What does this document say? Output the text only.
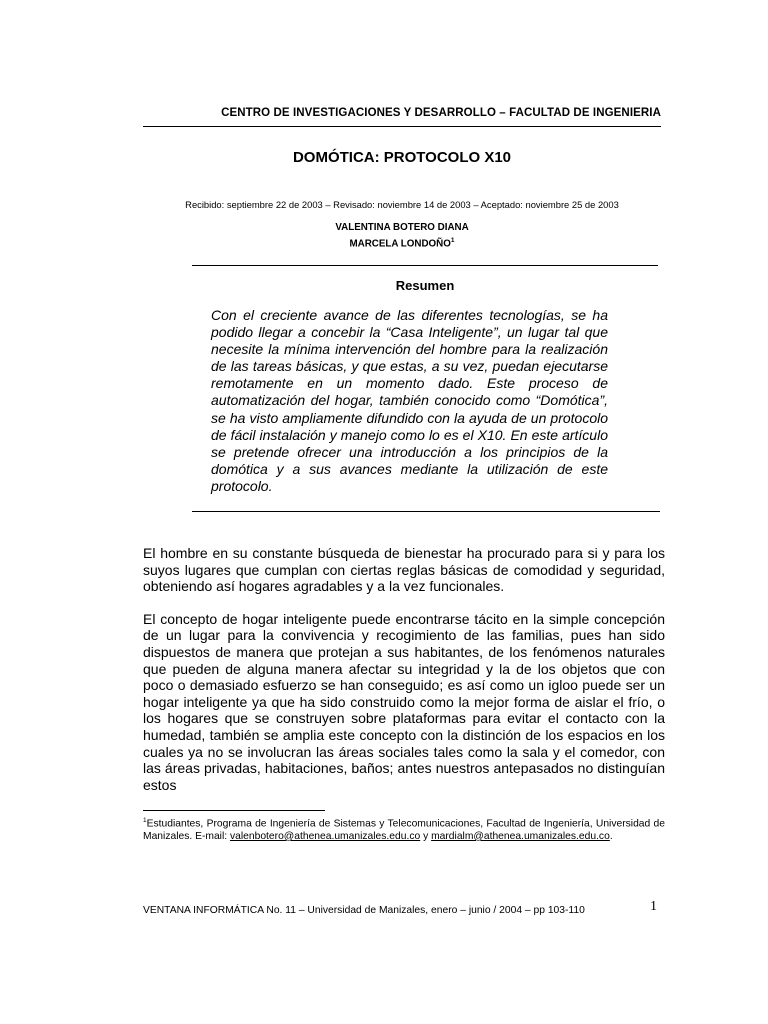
CENTRO DE INVESTIGACIONES Y DESARROLLO – FACULTAD DE INGENIERÍA
DOMÓTICA: PROTOCOLO X10
Recibido: septiembre 22 de 2003 – Revisado: noviembre 14 de 2003 – Aceptado: noviembre 25 de 2003
VALENTINA BOTERO DIANA
MARCELA LONDOÑO$^1$
Resumen

Con el creciente avance de las diferentes tecnologías, se ha podido llegar a concebir la “Casa Inteligente”, un lugar tal que necesite la mínima intervención del hombre para la realización de las tareas básicas, y que estas, a su vez, puedan ejecutarse remotamente en un momento dado. Este proceso de automatización del hogar, también conocido como “Domótica”, se ha visto ampliamente difundido con la ayuda de un protocolo de fácil instalación y manejo como lo es el X10. En este artículo se pretende ofrecer una introducción a los principios de la domótica y a sus avances mediante la utilización de este protocolo.

El hombre en su constante búsqueda de bienestar ha procurado para si y para los suyos lugares que cumplan con ciertas reglas básicas de comodidad y seguridad, obteniendo así hogares agradables y a la vez funcionales.

El concepto de hogar inteligente puede encontrarse tácito en la simple concepción de un lugar para la convivencia y recogimiento de las familias, pues han sido dispuestos de manera que protejan a sus habitantes, de los fenómenos naturales que pueden de alguna manera afectar su integridad y la de los objetos que con poco o demasiado esfuerzo se han conseguido; es así como un igloo puede ser un hogar inteligente ya que ha sido construido como la mejor forma de aislar el frío, o los hogares que se construyen sobre plataformas para evitar el contacto con la humedad, también se amplia este concepto con la distinción de los espacios en los cuales ya no se involucran las áreas sociales tales como la sala y el comedor, con las áreas privadas, habitaciones, baños; antes nuestros antepasados no distinguían estos

$^1$Estudiantes, Programa de Ingeniería de Sistemas y Telecomunicaciones, Facultad de Ingeniería, Universidad de Manizales. E-mail: valenbotero@athenea.umanizales.edu.co y mardialm@athenea.umanizales.edu.co.
VENTANA INFORMÁTICA No. 11 – Universidad de Manizales, enero – junio / 2004 – pp 103-110	1
